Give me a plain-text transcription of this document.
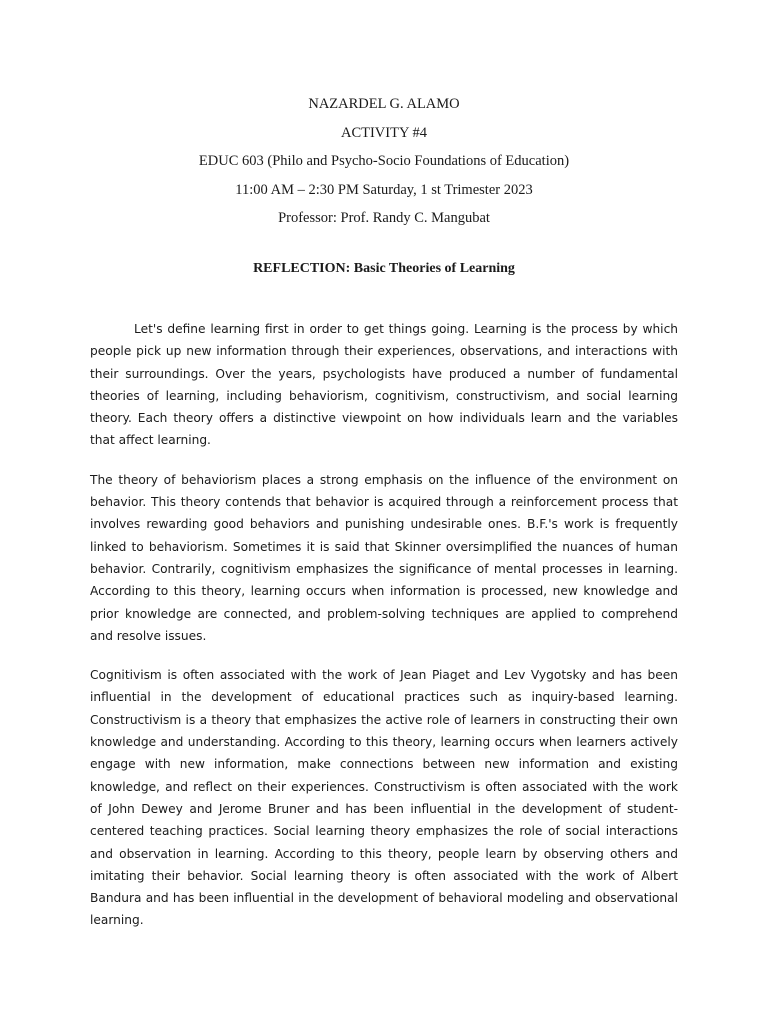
NAZARDEL G. ALAMO
ACTIVITY #4
EDUC 603 (Philo and Psycho-Socio Foundations of Education)
11:00 AM – 2:30 PM Saturday, 1 st Trimester 2023
Professor: Prof. Randy C. Mangubat
REFLECTION: Basic Theories of Learning

Let's define learning first in order to get things going. Learning is the process by which people pick up new information through their experiences, observations, and interactions with their surroundings. Over the years, psychologists have produced a number of fundamental theories of learning, including behaviorism, cognitivism, constructivism, and social learning theory. Each theory offers a distinctive viewpoint on how individuals learn and the variables that affect learning.

The theory of behaviorism places a strong emphasis on the influence of the environment on behavior. This theory contends that behavior is acquired through a reinforcement process that involves rewarding good behaviors and punishing undesirable ones. B.F.'s work is frequently linked to behaviorism. Sometimes it is said that Skinner oversimplified the nuances of human behavior. Contrarily, cognitivism emphasizes the significance of mental processes in learning. According to this theory, learning occurs when information is processed, new knowledge and prior knowledge are connected, and problem-solving techniques are applied to comprehend and resolve issues.

Cognitivism is often associated with the work of Jean Piaget and Lev Vygotsky and has been influential in the development of educational practices such as inquiry-based learning. Constructivism is a theory that emphasizes the active role of learners in constructing their own knowledge and understanding. According to this theory, learning occurs when learners actively engage with new information, make connections between new information and existing knowledge, and reflect on their experiences. Constructivism is often associated with the work of John Dewey and Jerome Bruner and has been influential in the development of student-centered teaching practices. Social learning theory emphasizes the role of social interactions and observation in learning. According to this theory, people learn by observing others and imitating their behavior. Social learning theory is often associated with the work of Albert Bandura and has been influential in the development of behavioral modeling and observational learning.
